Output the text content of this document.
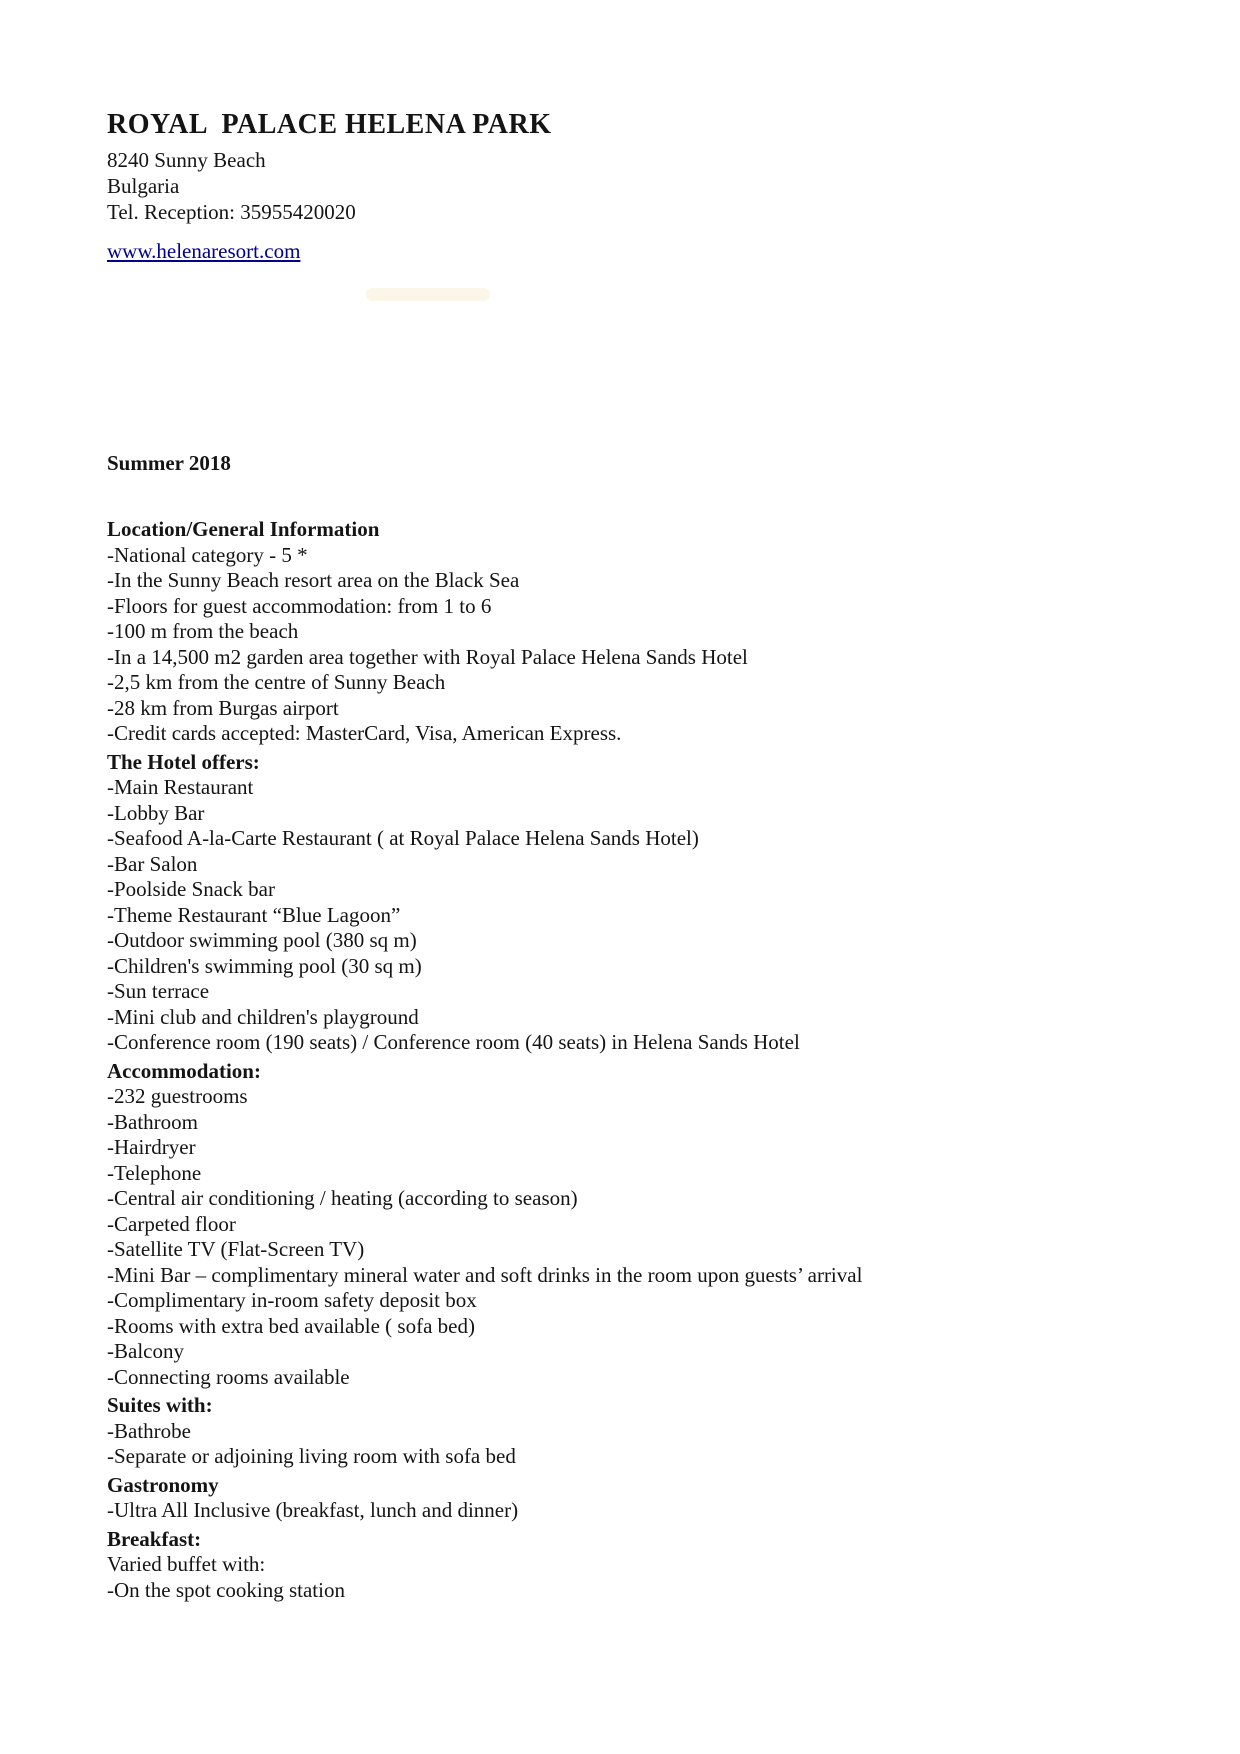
ROYAL  PALACE HELENA PARK

8240 Sunny Beach

Bulgaria

Tel. Reception: 35955420020

www.helenaresort.com

Summer 2018

Location/General Information

-National category - 5 *

-In the Sunny Beach resort area on the Black Sea

-Floors for guest accommodation: from 1 to 6

-100 m from the beach

-In a 14,500 m2 garden area together with Royal Palace Helena Sands Hotel

-2,5 km from the centre of Sunny Beach

-28 km from Burgas airport

-Credit cards accepted: MasterCard, Visa, American Express.

The Hotel offers:

-Main Restaurant

-Lobby Bar

-Seafood A-la-Carte Restaurant ( at Royal Palace Helena Sands Hotel)

-Bar Salon

-Poolside Snack bar

-Theme Restaurant “Blue Lagoon”

-Outdoor swimming pool (380 sq m)

-Children's swimming pool (30 sq m)

-Sun terrace

-Mini club and children's playground

-Conference room (190 seats) / Conference room (40 seats) in Helena Sands Hotel

Accommodation:

-232 guestrooms

-Bathroom

-Hairdryer

-Telephone

-Central air conditioning / heating (according to season)

-Carpeted floor

-Satellite TV (Flat-Screen TV)

-Mini Bar – complimentary mineral water and soft drinks in the room upon guests’ arrival

-Complimentary in-room safety deposit box

-Rooms with extra bed available ( sofa bed)

-Balcony

-Connecting rooms available

Suites with:

-Bathrobe

-Separate or adjoining living room with sofa bed

Gastronomy

-Ultra All Inclusive (breakfast, lunch and dinner)

Breakfast:

Varied buffet with:

-On the spot cooking station
